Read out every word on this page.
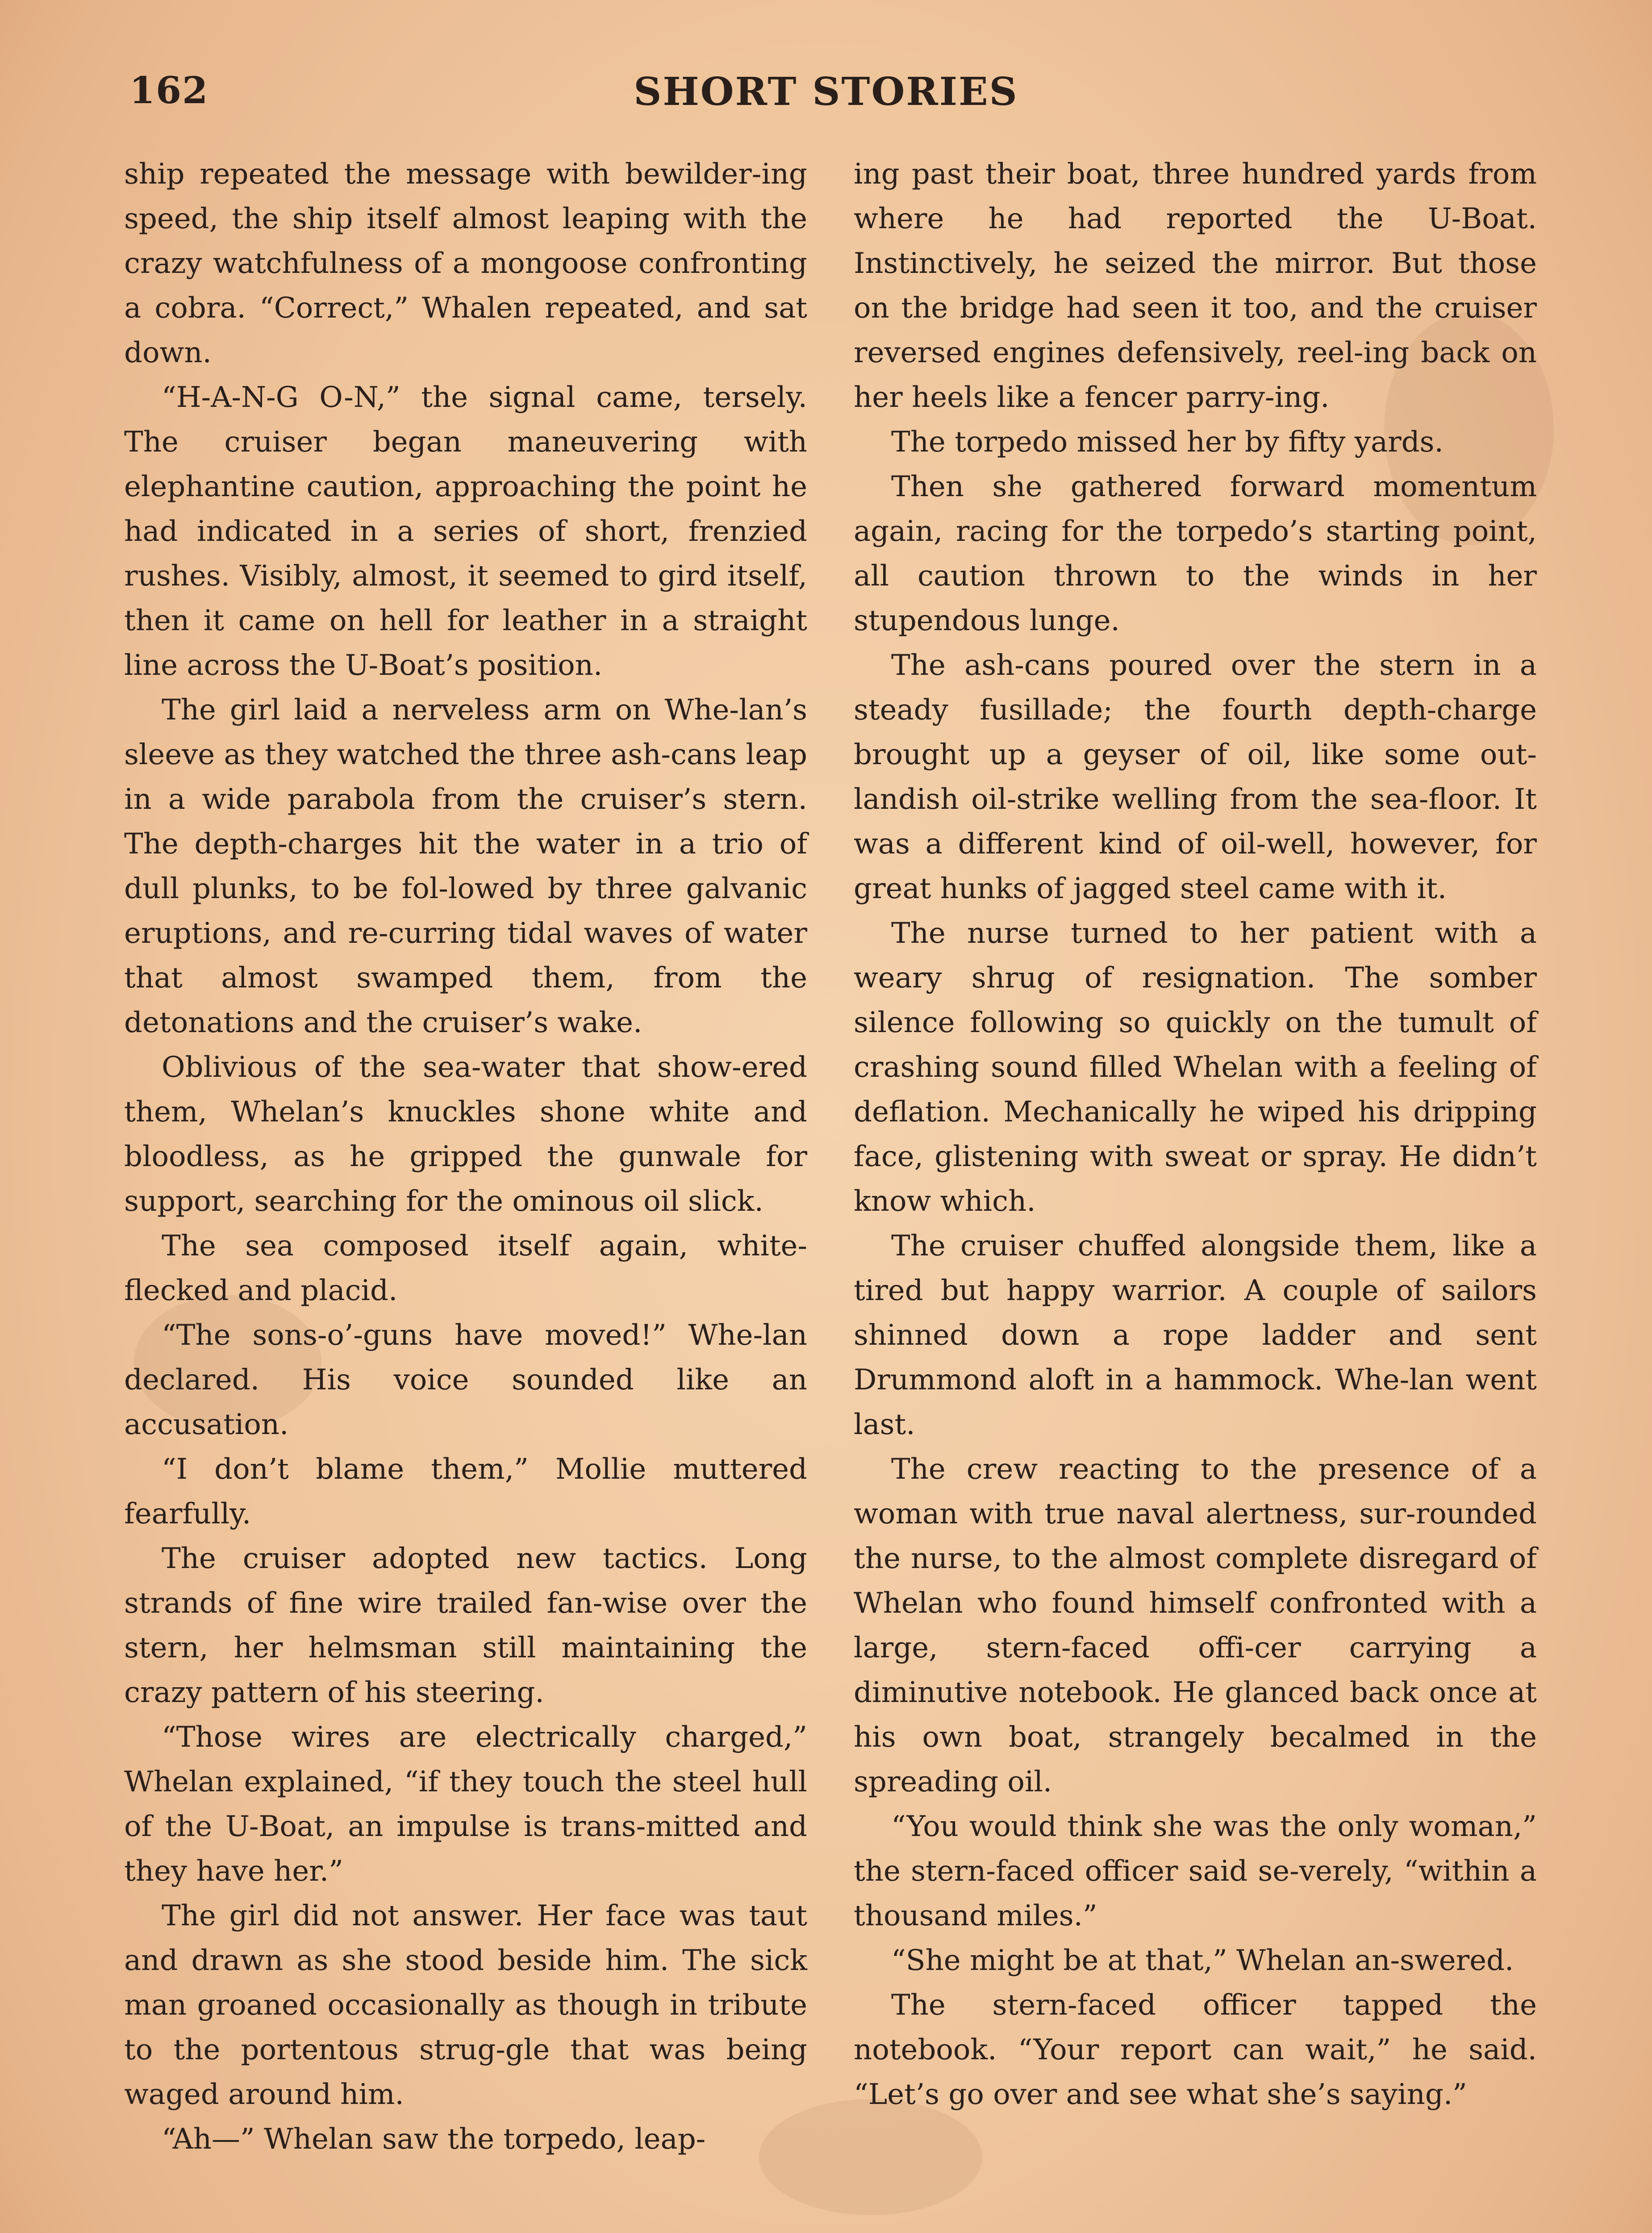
162	SHORT STORIES

ship repeated the message with bewilder-ing speed, the ship itself almost leaping with the crazy watchfulness of a mongoose confronting a cobra. “Correct,” Whalen repeated, and sat down.

“H-A-N-G O-N,” the signal came, tersely. The cruiser began maneuvering with elephantine caution, approaching the point he had indicated in a series of short, frenzied rushes. Visibly, almost, it seemed to gird itself, then it came on hell for leather in a straight line across the U-Boat’s position.

The girl laid a nerveless arm on Whe-lan’s sleeve as they watched the three ash-cans leap in a wide parabola from the cruiser’s stern. The depth-charges hit the water in a trio of dull plunks, to be fol-lowed by three galvanic eruptions, and re-curring tidal waves of water that almost swamped them, from the detonations and the cruiser’s wake.

Oblivious of the sea-water that show-ered them, Whelan’s knuckles shone white and bloodless, as he gripped the gunwale for support, searching for the ominous oil slick.

The sea composed itself again, white-flecked and placid.

“The sons-o’-guns have moved!” Whe-lan declared. His voice sounded like an accusation.

“I don’t blame them,” Mollie muttered fearfully.

The cruiser adopted new tactics. Long strands of fine wire trailed fan-wise over the stern, her helmsman still maintaining the crazy pattern of his steering.

“Those wires are electrically charged,” Whelan explained, “if they touch the steel hull of the U-Boat, an impulse is trans-mitted and they have her.”

The girl did not answer. Her face was taut and drawn as she stood beside him. The sick man groaned occasionally as though in tribute to the portentous strug-gle that was being waged around him.

“Ah—” Whelan saw the torpedo, leap-

ing past their boat, three hundred yards from where he had reported the U-Boat. Instinctively, he seized the mirror. But those on the bridge had seen it too, and the cruiser reversed engines defensively, reel-ing back on her heels like a fencer parry-ing.

The torpedo missed her by fifty yards.

Then she gathered forward momentum again, racing for the torpedo’s starting point, all caution thrown to the winds in her stupendous lunge.

The ash-cans poured over the stern in a steady fusillade; the fourth depth-charge brought up a geyser of oil, like some out-landish oil-strike welling from the sea-floor. It was a different kind of oil-well, however, for great hunks of jagged steel came with it.

The nurse turned to her patient with a weary shrug of resignation. The somber silence following so quickly on the tumult of crashing sound filled Whelan with a feeling of deflation. Mechanically he wiped his dripping face, glistening with sweat or spray. He didn’t know which.

The cruiser chuffed alongside them, like a tired but happy warrior. A couple of sailors shinned down a rope ladder and sent Drummond aloft in a hammock. Whe-lan went last.

The crew reacting to the presence of a woman with true naval alertness, sur-rounded the nurse, to the almost complete disregard of Whelan who found himself confronted with a large, stern-faced offi-cer carrying a diminutive notebook. He glanced back once at his own boat, strangely becalmed in the spreading oil.

“You would think she was the only woman,” the stern-faced officer said se-verely, “within a thousand miles.”

“She might be at that,” Whelan an-swered.

The stern-faced officer tapped the notebook. “Your report can wait,” he said. “Let’s go over and see what she’s saying.”
